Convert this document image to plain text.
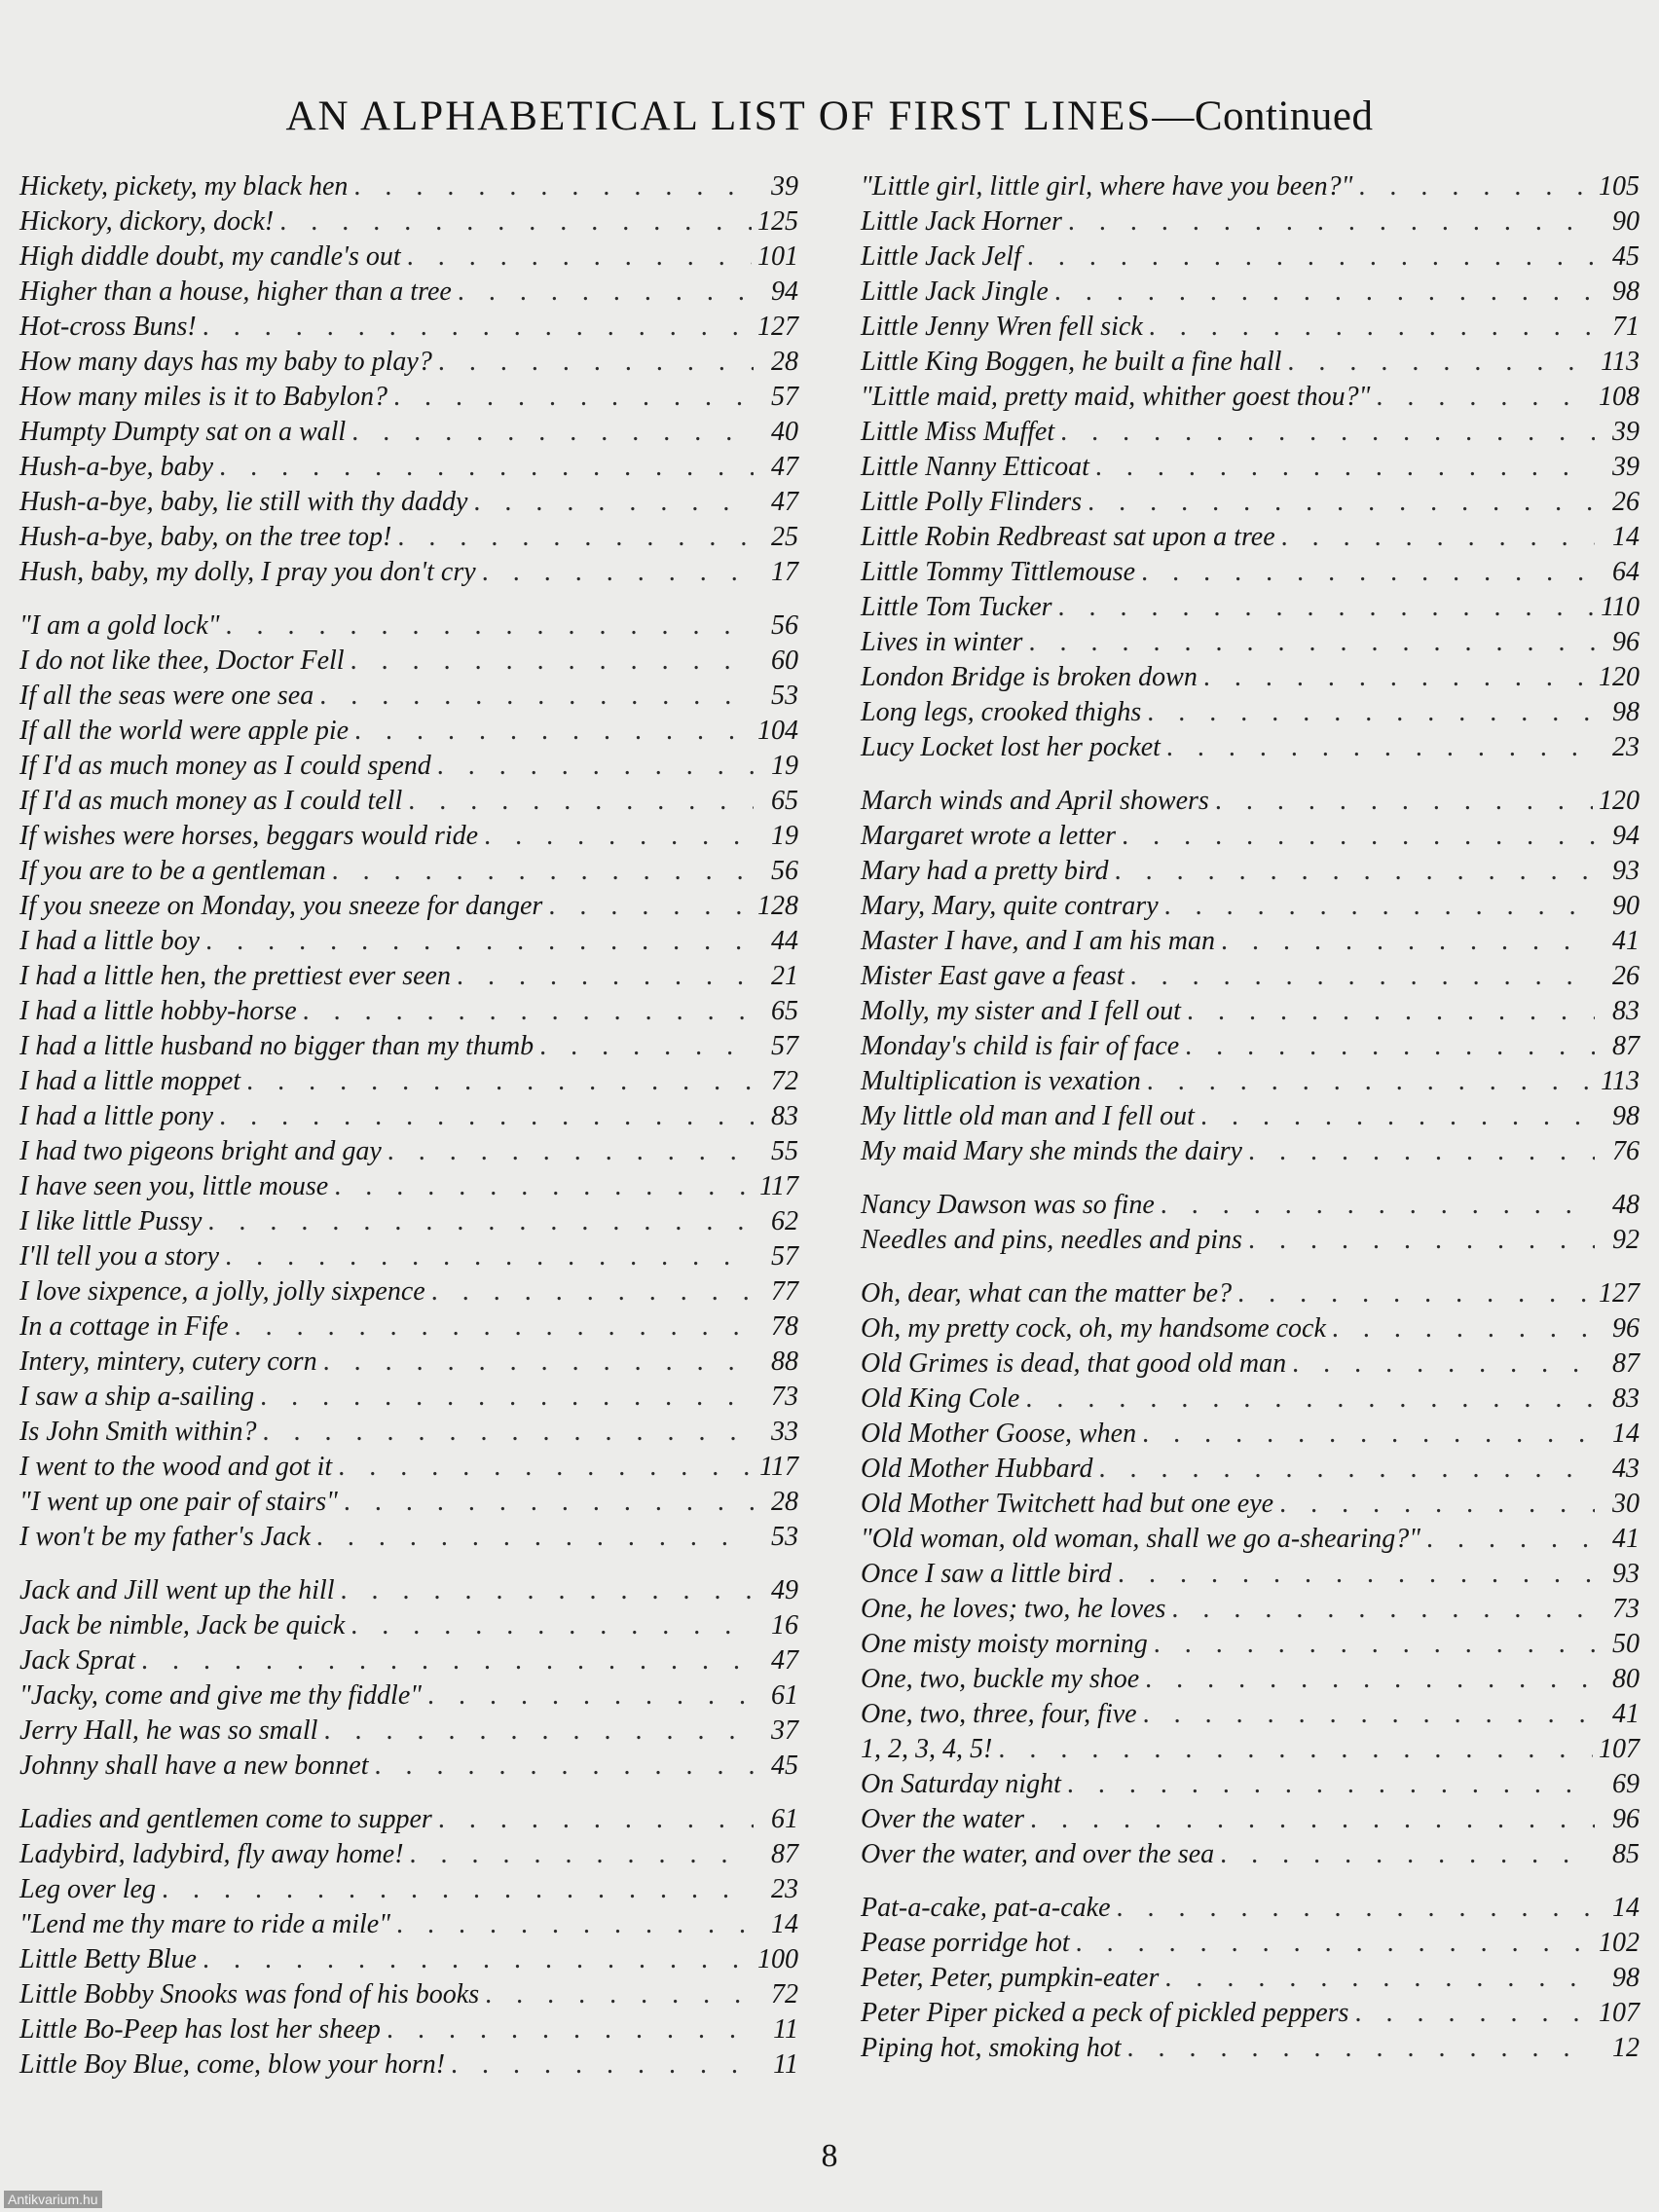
AN ALPHABETICAL LIST OF FIRST LINES—Continued
Hickety, pickety, my black hen . . .	39
Hickory, dickory, dock! . . .	125
High diddle doubt, my candle's out . . .	101
Higher than a house, higher than a tree . . .	94
Hot-cross Buns! . . .	127
How many days has my baby to play? . . .	28
How many miles is it to Babylon? . . .	57
Humpty Dumpty sat on a wall . . .	40
Hush-a-bye, baby . . .	47
Hush-a-bye, baby, lie still with thy daddy . . .	47
Hush-a-bye, baby, on the tree top! . . .	25
Hush, baby, my dolly, I pray you don't cry . . .	17
"I am a gold lock" . . .	56
I do not like thee, Doctor Fell . . .	60
If all the seas were one sea . . .	53
If all the world were apple pie . . .	104
If I'd as much money as I could spend . . .	19
If I'd as much money as I could tell . . .	65
If wishes were horses, beggars would ride . . .	19
If you are to be a gentleman . . .	56
If you sneeze on Monday, you sneeze for danger . . .	128
I had a little boy . . .	44
I had a little hen, the prettiest ever seen . . .	21
I had a little hobby-horse . . .	65
I had a little husband no bigger than my thumb . . .	57
I had a little moppet . . .	72
I had a little pony . . .	83
I had two pigeons bright and gay . . .	55
I have seen you, little mouse . . .	117
I like little Pussy . . .	62
I'll tell you a story . . .	57
I love sixpence, a jolly, jolly sixpence . . .	77
In a cottage in Fife . . .	78
Intery, mintery, cutery corn . . .	88
I saw a ship a-sailing . . .	73
Is John Smith within? . . .	33
I went to the wood and got it . . .	117
"I went up one pair of stairs" . . .	28
I won't be my father's Jack . . .	53
Jack and Jill went up the hill . . .	49
Jack be nimble, Jack be quick . . .	16
Jack Sprat . . .	47
"Jacky, come and give me thy fiddle" . . .	61
Jerry Hall, he was so small . . .	37
Johnny shall have a new bonnet . . .	45
Ladies and gentlemen come to supper . . .	61
Ladybird, ladybird, fly away home! . . .	87
Leg over leg . . .	23
"Lend me thy mare to ride a mile" . . .	14
Little Betty Blue . . .	100
Little Bobby Snooks was fond of his books . . .	72
Little Bo-Peep has lost her sheep . . .	11
Little Boy Blue, come, blow your horn! . . .	11
"Little girl, little girl, where have you been?" . . .	105
Little Jack Horner . . .	90
Little Jack Jelf . . .	45
Little Jack Jingle . . .	98
Little Jenny Wren fell sick . . .	71
Little King Boggen, he built a fine hall . . .	113
"Little maid, pretty maid, whither goest thou?" . . .	108
Little Miss Muffet . . .	39
Little Nanny Etticoat . . .	39
Little Polly Flinders . . .	26
Little Robin Redbreast sat upon a tree . . .	14
Little Tommy Tittlemouse . . .	64
Little Tom Tucker . . .	110
Lives in winter . . .	96
London Bridge is broken down . . .	120
Long legs, crooked thighs . . .	98
Lucy Locket lost her pocket . . .	23
March winds and April showers . . .	120
Margaret wrote a letter . . .	94
Mary had a pretty bird . . .	93
Mary, Mary, quite contrary . . .	90
Master I have, and I am his man . . .	41
Mister East gave a feast . . .	26
Molly, my sister and I fell out . . .	83
Monday's child is fair of face . . .	87
Multiplication is vexation . . .	113
My little old man and I fell out . . .	98
My maid Mary she minds the dairy . . .	76
Nancy Dawson was so fine . . .	48
Needles and pins, needles and pins . . .	92
Oh, dear, what can the matter be? . . .	127
Oh, my pretty cock, oh, my handsome cock . . .	96
Old Grimes is dead, that good old man . . .	87
Old King Cole . . .	83
Old Mother Goose, when . . .	14
Old Mother Hubbard . . .	43
Old Mother Twitchett had but one eye . . .	30
"Old woman, old woman, shall we go a-shearing?" . . .	41
Once I saw a little bird . . .	93
One, he loves; two, he loves . . .	73
One misty moisty morning . . .	50
One, two, buckle my shoe . . .	80
One, two, three, four, five . . .	41
1, 2, 3, 4, 5! . . .	107
On Saturday night . . .	69
Over the water . . .	96
Over the water, and over the sea . . .	85
Pat-a-cake, pat-a-cake . . .	14
Pease porridge hot . . .	102
Peter, Peter, pumpkin-eater . . .	98
Peter Piper picked a peck of pickled peppers . . .	107
Piping hot, smoking hot . . .	12
8
Antikvarium.hu
